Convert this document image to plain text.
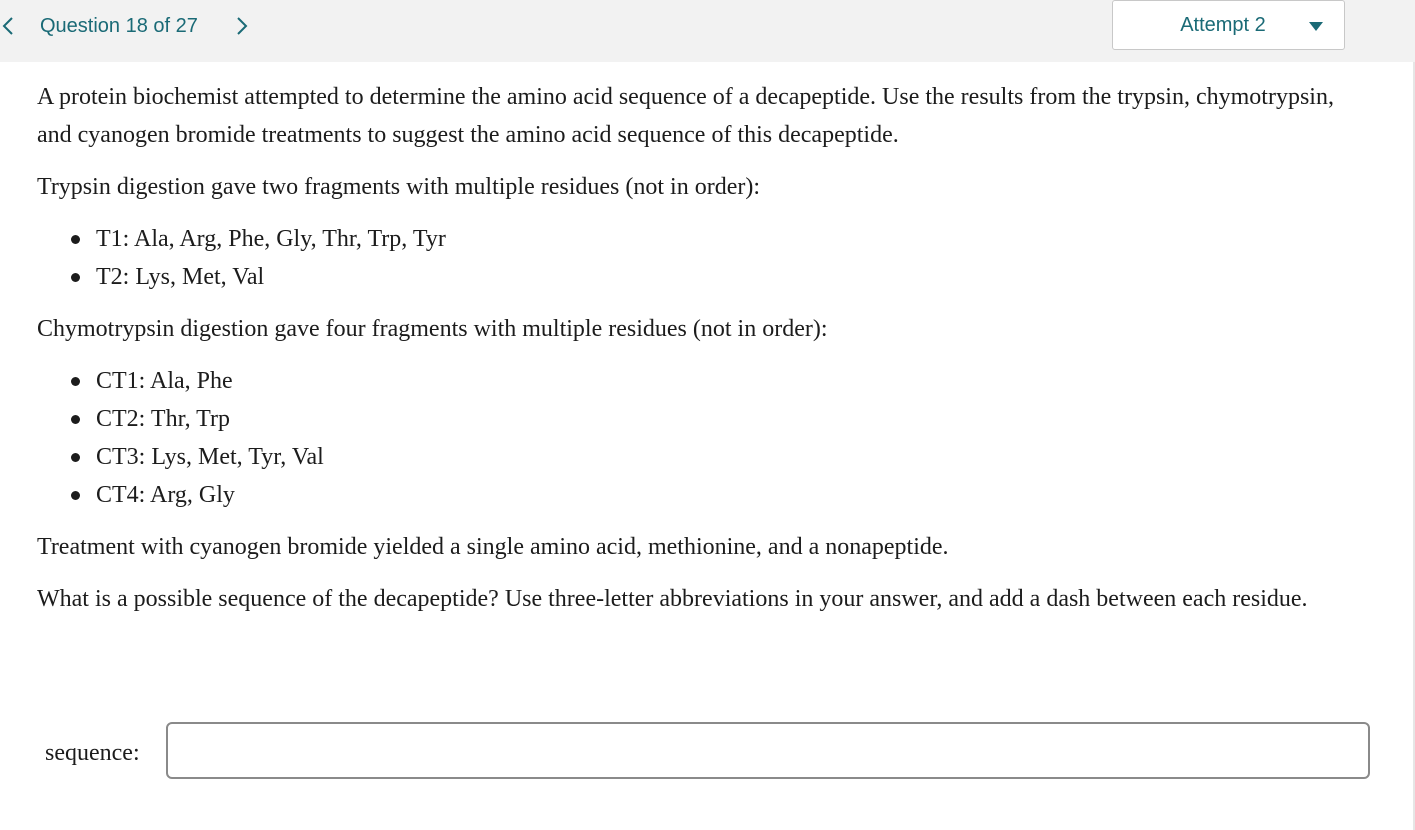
Question 18 of 27	Attempt 2

A protein biochemist attempted to determine the amino acid sequence of a decapeptide. Use the results from the trypsin, chymotrypsin, and cyanogen bromide treatments to suggest the amino acid sequence of this decapeptide.

Trypsin digestion gave two fragments with multiple residues (not in order):

T1: Ala, Arg, Phe, Gly, Thr, Trp, Tyr
T2: Lys, Met, Val

Chymotrypsin digestion gave four fragments with multiple residues (not in order):

CT1: Ala, Phe
CT2: Thr, Trp
CT3: Lys, Met, Tyr, Val
CT4: Arg, Gly

Treatment with cyanogen bromide yielded a single amino acid, methionine, and a nonapeptide.

What is a possible sequence of the decapeptide? Use three-letter abbreviations in your answer, and add a dash between each residue.

sequence:
